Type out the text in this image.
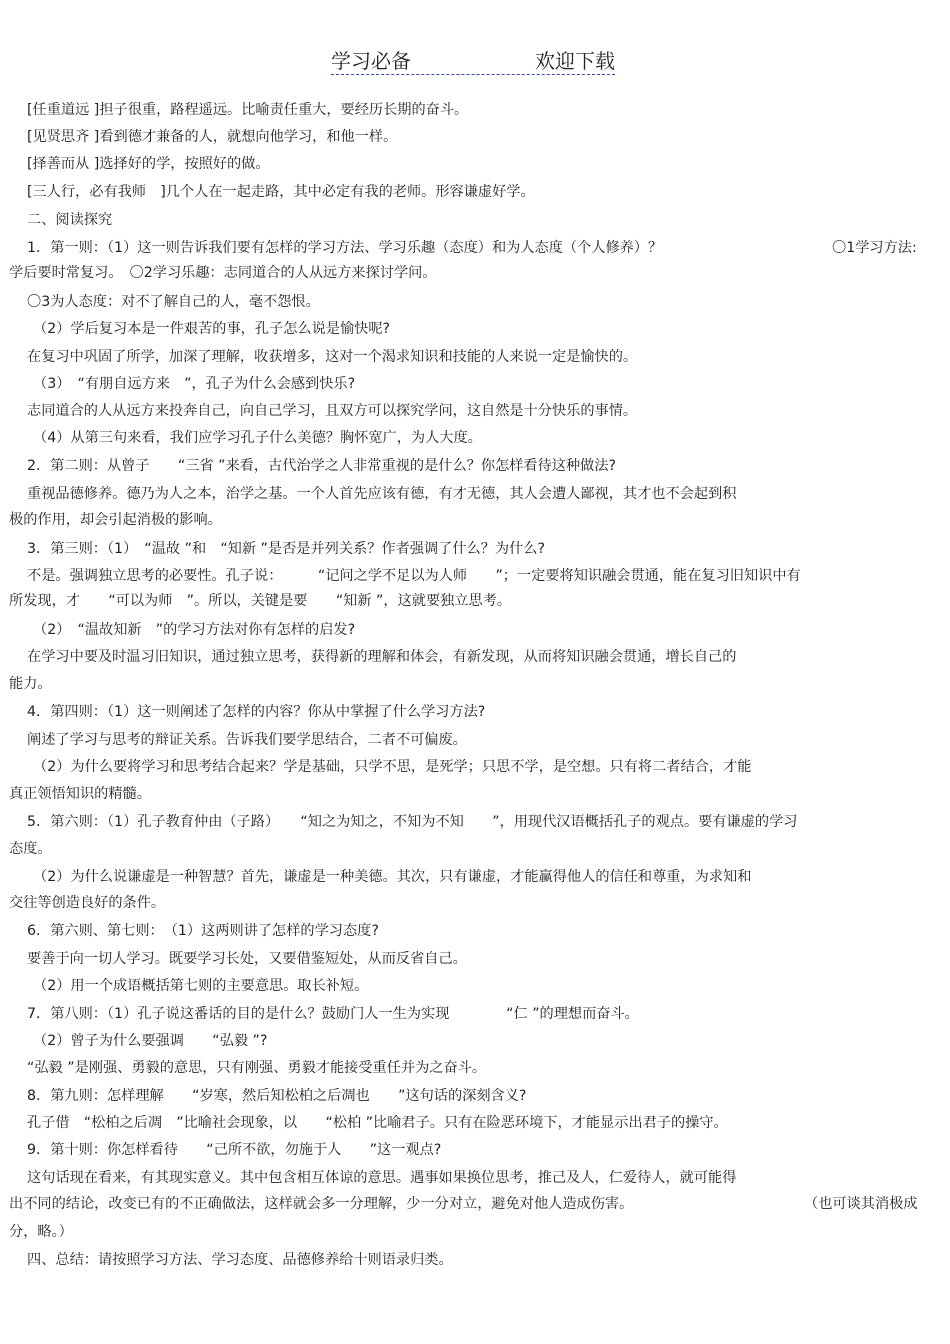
学习必备	欢迎下载
[任重道远 ]担子很重，路程遥远。比喻责任重大，要经历长期的奋斗。
[见贤思齐 ]看到德才兼备的人，就想向他学习，和他一样。
[择善而从 ]选择好的学，按照好的做。
[三人行，必有我师　]几个人在一起走路，其中必定有我的老师。形容谦虚好学。
二、阅读探究
1．第一则：（1）这一则告诉我们要有怎样的学习方法、学习乐趣（态度）和为人态度（个人修养）？	〇1学习方法:
学后要时常复习。　〇2学习乐趣：志同道合的人从远方来探讨学问。
〇3为人态度：对不了解自己的人，毫不怨恨。
（2）学后复习本是一件艰苦的事，孔子怎么说是愉快呢?
在复习中巩固了所学，加深了理解，收获增多，这对一个渴求知识和技能的人来说一定是愉快的。
（3）　“有朋自远方来　”，孔子为什么会感到快乐?
志同道合的人从远方来投奔自己，向自己学习，且双方可以探究学问，这自然是十分快乐的事情。
（4）从第三句来看，我们应学习孔子什么美德？胸怀宽广，为人大度。
2．第二则：从曾子　　“三省 ”来看，古代治学之人非常重视的是什么？你怎样看待这种做法?
重视品德修养。德乃为人之本，治学之基。一个人首先应该有德，有才无德，其人会遭人鄙视，其才也不会起到积
极的作用，却会引起消极的影响。
3．第三则：（1）　“温故 ”和　“知新 ”是否是并列关系？作者强调了什么？为什么?
不是。强调独立思考的必要性。孔子说：　　　“记问之学不足以为人师　　”；一定要将知识融会贯通，能在复习旧知识中有
所发现，才　　“可以为师　”。所以，关键是要　　“知新 ”，这就要独立思考。
（2）　“温故知新　”的学习方法对你有怎样的启发?
在学习中要及时温习旧知识，通过独立思考，获得新的理解和体会，有新发现，从而将知识融会贯通，增长自己的
能力。
4．第四则：（1）这一则阐述了怎样的内容？你从中掌握了什么学习方法?
阐述了学习与思考的辩证关系。告诉我们要学思结合，二者不可偏废。
（2）为什么要将学习和思考结合起来？学是基础，只学不思，是死学；只思不学，是空想。只有将二者结合，才能
真正领悟知识的精髓。
5．第六则：（1）孔子教育仲由（子路）　　“知之为知之，不知为不知　　”，用现代汉语概括孔子的观点。要有谦虚的学习
态度。
（2）为什么说谦虚是一种智慧？首先，谦虚是一种美德。其次，只有谦虚，才能赢得他人的信任和尊重，为求知和
交往等创造良好的条件。
6．第六则、第七则：　（1）这两则讲了怎样的学习态度?
要善于向一切人学习。既要学习长处，又要借鉴短处，从而反省自己。
（2）用一个成语概括第七则的主要意思。取长补短。
7．第八则：（1）孔子说这番话的目的是什么？鼓励门人一生为实现　　　　“仁 ”的理想而奋斗。
（2）曾子为什么要强调　　“弘毅 ”?
“弘毅 ”是刚强、勇毅的意思，只有刚强、勇毅才能接受重任并为之奋斗。
8．第九则：怎样理解　　“岁寒，然后知松柏之后凋也　　”这句话的深刻含义?
孔子借　“松柏之后凋　”比喻社会现象，以　　“松柏 ”比喻君子。只有在险恶环境下，才能显示出君子的操守。
9．第十则：你怎样看待　　“己所不欲，勿施于人　　”这一观点?
这句话现在看来，有其现实意义。其中包含相互体谅的意思。遇事如果换位思考，推己及人，仁爱待人，就可能得
出不同的结论，改变已有的不正确做法，这样就会多一分理解，少一分对立，避免对他人造成伤害。	（也可谈其消极成
分，略。）
四、总结：请按照学习方法、学习态度、品德修养给十则语录归类。
